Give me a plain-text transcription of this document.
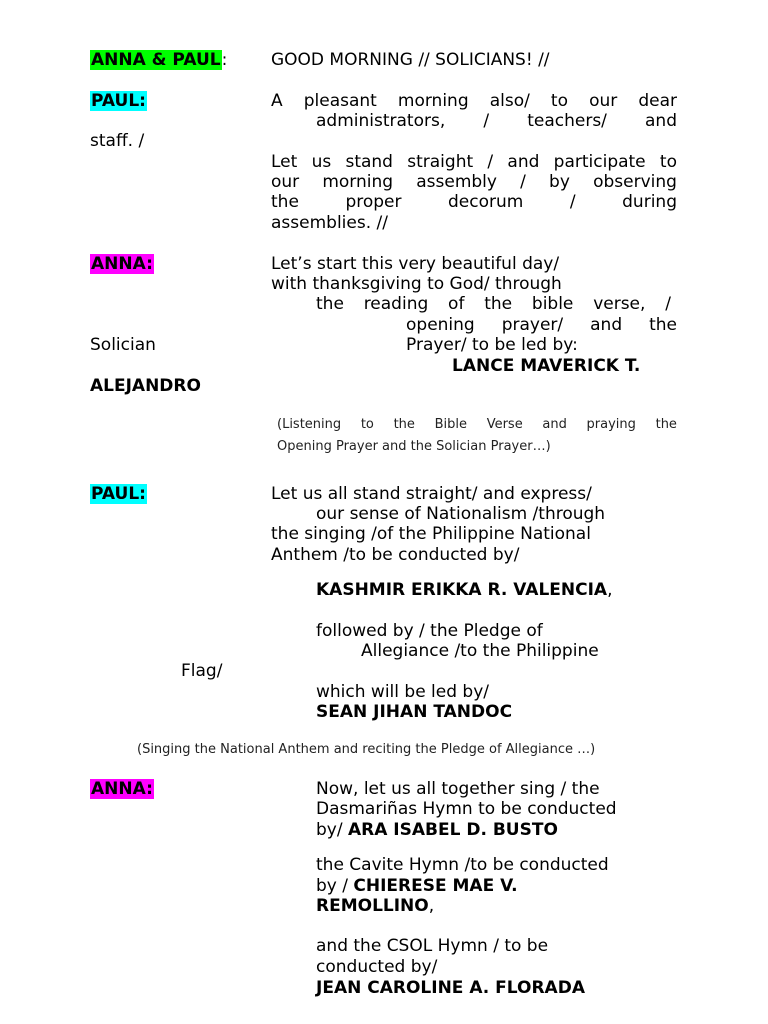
ANNA & PAUL:	GOOD MORNING // SOLICIANS! //
PAUL:	A pleasant morning also/ to our dear
administrators, / teachers/ and
staff. /
Let us stand straight / and participate to
our morning assembly / by observing
the	proper	decorum	/	during
assemblies. //
ANNA:	Let’s start this very beautiful day/
with thanksgiving to God/ through
the reading of the bible verse, /
opening prayer/ and the
Solician	Prayer/ to be led by:
LANCE MAVERICK T.
ALEJANDRO
(Listening to the Bible Verse and praying the
Opening Prayer and the Solician Prayer…)
PAUL:	Let us all stand straight/ and express/
our sense of Nationalism /through
the singing /of the Philippine National
Anthem /to be conducted by/
KASHMIR ERIKKA R. VALENCIA,
followed by / the Pledge of
Allegiance /to the Philippine
Flag/
which will be led by/
SEAN JIHAN TANDOC
(Singing the National Anthem and reciting the Pledge of Allegiance …)
ANNA:	Now, let us all together sing / the
Dasmariñas Hymn to be conducted
by/ ARA ISABEL D. BUSTO
the Cavite Hymn /to be conducted
by / CHIERESE MAE V.
REMOLLINO,
and the CSOL Hymn / to be
conducted by/
JEAN CAROLINE A. FLORADA
